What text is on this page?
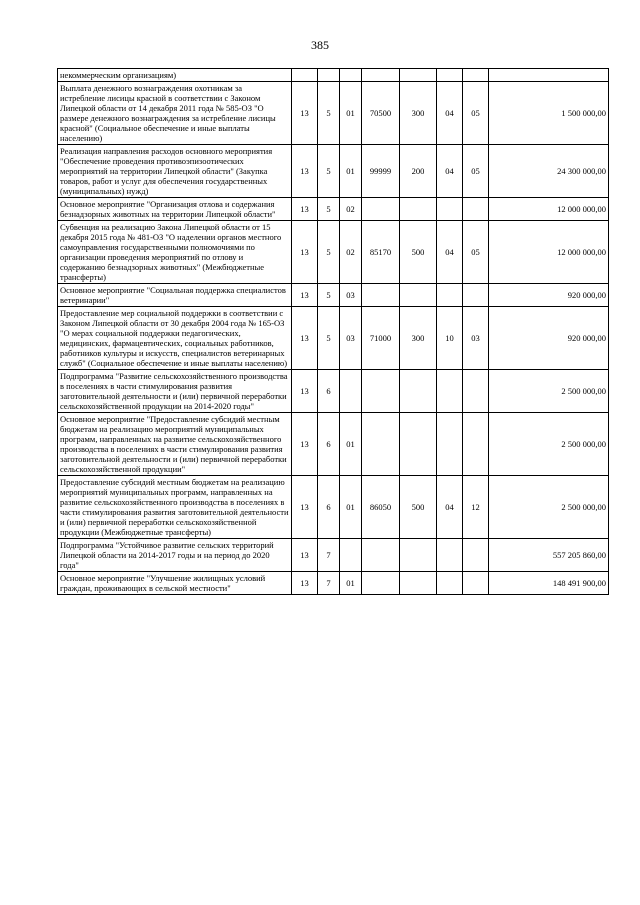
385
некоммерческим организациям)								
Выплата денежного вознаграждения охотникам за истребление лисицы красной в соответствии с Законом Липецкой области от 14 декабря 2011 года № 585-ОЗ "О размере денежного вознаграждения за истребление лисицы красной" (Социальное обеспечение и иные выплаты населению)	13	5	01	70500	300	04	05	1 500 000,00
Реализация направления расходов основного мероприятия "Обеспечение проведения противоэпизоотических мероприятий на территории Липецкой области" (Закупка товаров, работ и услуг для обеспечения государственных (муниципальных) нужд)	13	5	01	99999	200	04	05	24 300 000,00
Основное мероприятие "Организация отлова и содержания безнадзорных животных на территории Липецкой области"	13	5	02					12 000 000,00
Субвенция на реализацию Закона Липецкой области от 15 декабря 2015 года № 481-ОЗ "О наделении органов местного самоуправления государственными полномочиями по организации проведения мероприятий по отлову и содержанию безнадзорных животных" (Межбюджетные трансферты)	13	5	02	85170	500	04	05	12 000 000,00
Основное мероприятие "Социальная поддержка специалистов ветеринарии"	13	5	03					920 000,00
Предоставление мер социальной поддержки в соответствии с Законом Липецкой области от 30 декабря 2004 года № 165-ОЗ "О мерах социальной поддержки педагогических, медицинских, фармацевтических, социальных работников, работников культуры и искусств, специалистов ветеринарных служб" (Социальное обеспечение и иные выплаты населению)	13	5	03	71000	300	10	03	920 000,00
Подпрограмма "Развитие сельскохозяйственного производства в поселениях в части стимулирования развития заготовительной деятельности и (или) первичной переработки сельскохозяйственной продукции на 2014-2020 годы"	13	6						2 500 000,00
Основное мероприятие "Предоставление субсидий местным бюджетам на реализацию мероприятий муниципальных программ, направленных на развитие сельскохозяйственного производства в поселениях в части стимулирования развития заготовительной деятельности и (или) первичной переработки сельскохозяйственной продукции"	13	6	01					2 500 000,00
Предоставление субсидий местным бюджетам на реализацию мероприятий муниципальных программ, направленных на развитие сельскохозяйственного производства в поселениях в части стимулирования развития заготовительной деятельности и (или) первичной переработки сельскохозяйственной продукции (Межбюджетные трансферты)	13	6	01	86050	500	04	12	2 500 000,00
Подпрограмма "Устойчивое развитие сельских территорий Липецкой области на 2014-2017 годы и на период до 2020 года"	13	7						557 205 860,00
Основное мероприятие "Улучшение жилищных условий граждан, проживающих в сельской местности"	13	7	01					148 491 900,00
